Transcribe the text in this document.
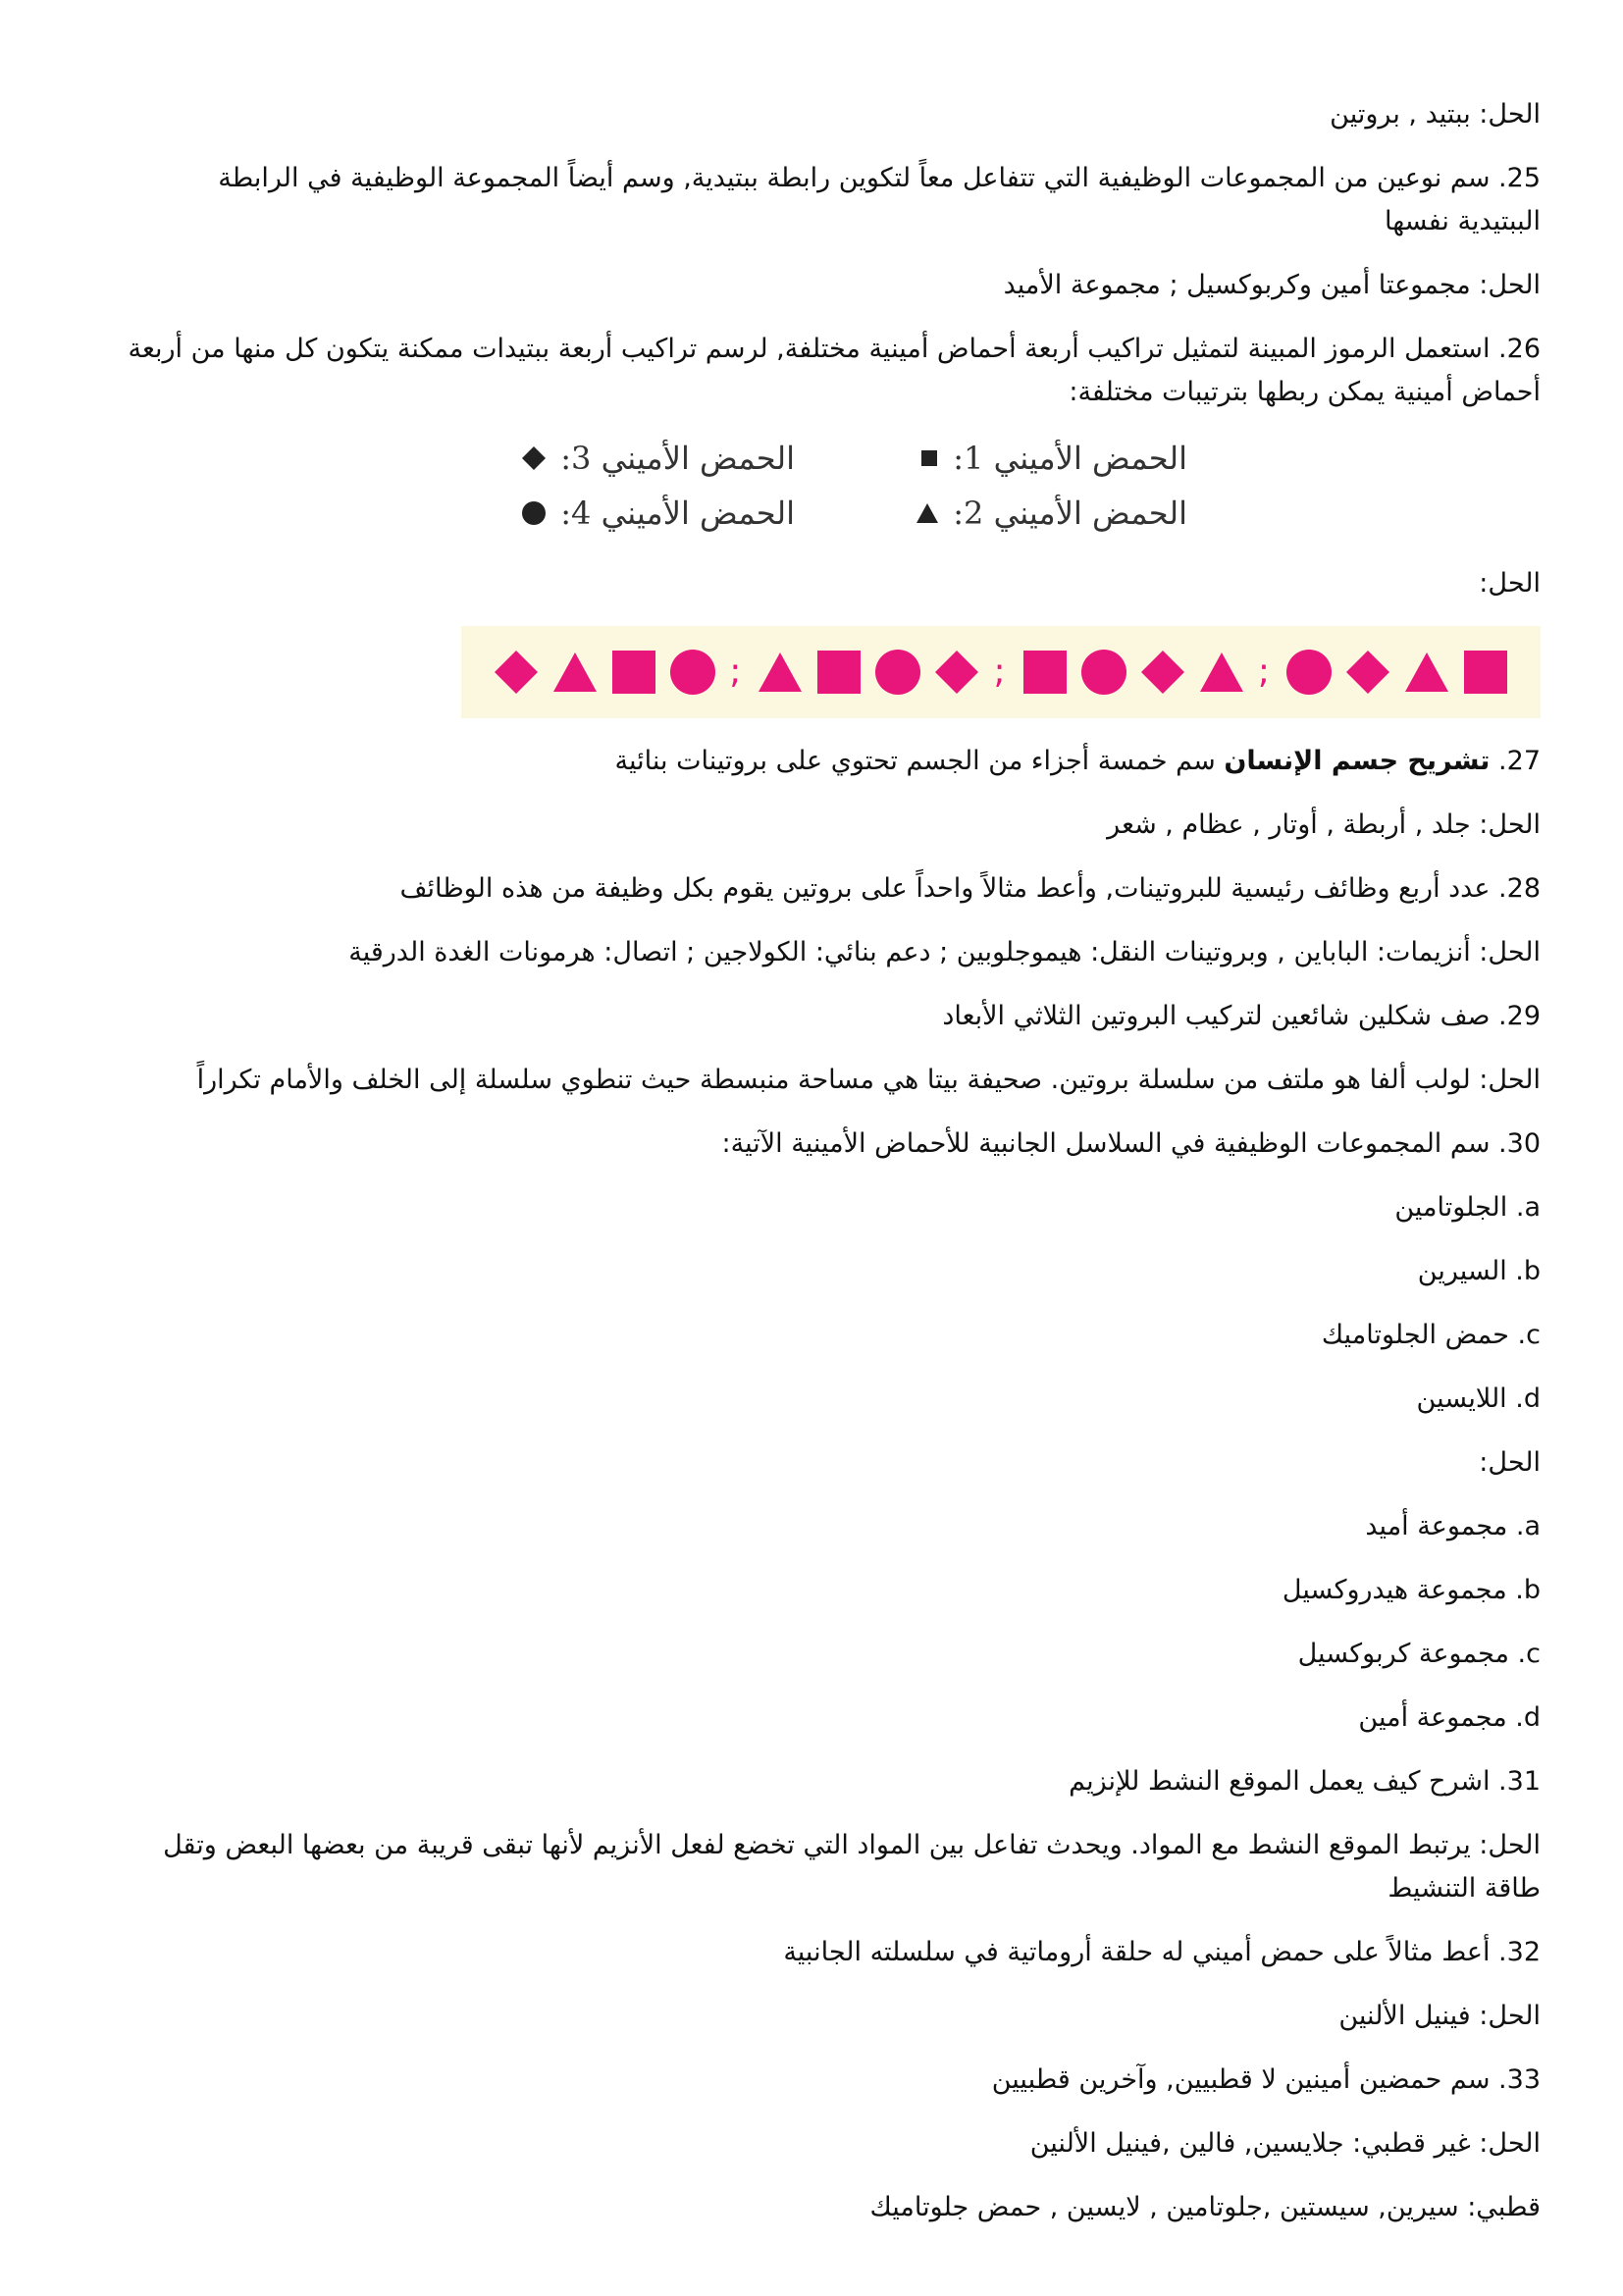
الحل: ببتيد , بروتين
25. سم نوعين من المجموعات الوظيفية التي تتفاعل معاً لتكوين رابطة ببتيدية, وسم أيضاً المجموعة الوظيفية في الرابطة الببتيدية نفسها
الحل: مجموعتا أمين وكربوكسيل ; مجموعة الأميد
26. استعمل الرموز المبينة لتمثيل تراكيب أربعة أحماض أمينية مختلفة, لرسم تراكيب أربعة ببتيدات ممكنة يتكون كل منها من أربعة أحماض أمينية يمكن ربطها بترتيبات مختلفة:
الحمض الأميني 1:
الحمض الأميني 3:
الحمض الأميني 2:
الحمض الأميني 4:
الحل:
;
;
;
27. تشريح جسم الإنسان سم خمسة أجزاء من الجسم تحتوي على بروتينات بنائية
الحل: جلد , أربطة , أوتار , عظام , شعر
28. عدد أربع وظائف رئيسية للبروتينات, وأعط مثالاً واحداً على بروتين يقوم بكل وظيفة من هذه الوظائف
الحل: أنزيمات: الباباين , وبروتينات النقل: هيموجلوبين ; دعم بنائي: الكولاجين ; اتصال: هرمونات الغدة الدرقية
29. صف شكلين شائعين لتركيب البروتين الثلاثي الأبعاد
الحل: لولب ألفا هو ملتف من سلسلة بروتين. صحيفة بيتا هي مساحة منبسطة حيث تنطوي سلسلة إلى الخلف والأمام تكراراً
30. سم المجموعات الوظيفية في السلاسل الجانبية للأحماض الأمينية الآتية:
a. الجلوتامين
b. السيرين
c. حمض الجلوتاميك
d. اللايسين
الحل:
a. مجموعة أميد
b. مجموعة هيدروكسيل
c. مجموعة كربوكسيل
d. مجموعة أمين
31. اشرح كيف يعمل الموقع النشط للإنزيم
الحل: يرتبط الموقع النشط مع المواد. ويحدث تفاعل بين المواد التي تخضع لفعل الأنزيم لأنها تبقى قريبة من بعضها البعض وتقل طاقة التنشيط
32. أعط مثالاً على حمض أميني له حلقة أروماتية في سلسلته الجانبية
الحل: فينيل الألنين
33. سم حمضين أمينين لا قطبيين, وآخرين قطبيين
الحل: غير قطبي: جلايسين, فالين ,فينيل الألنين
قطبي: سيرين, سيستين ,جلوتامين , لايسين , حمض جلوتاميك
